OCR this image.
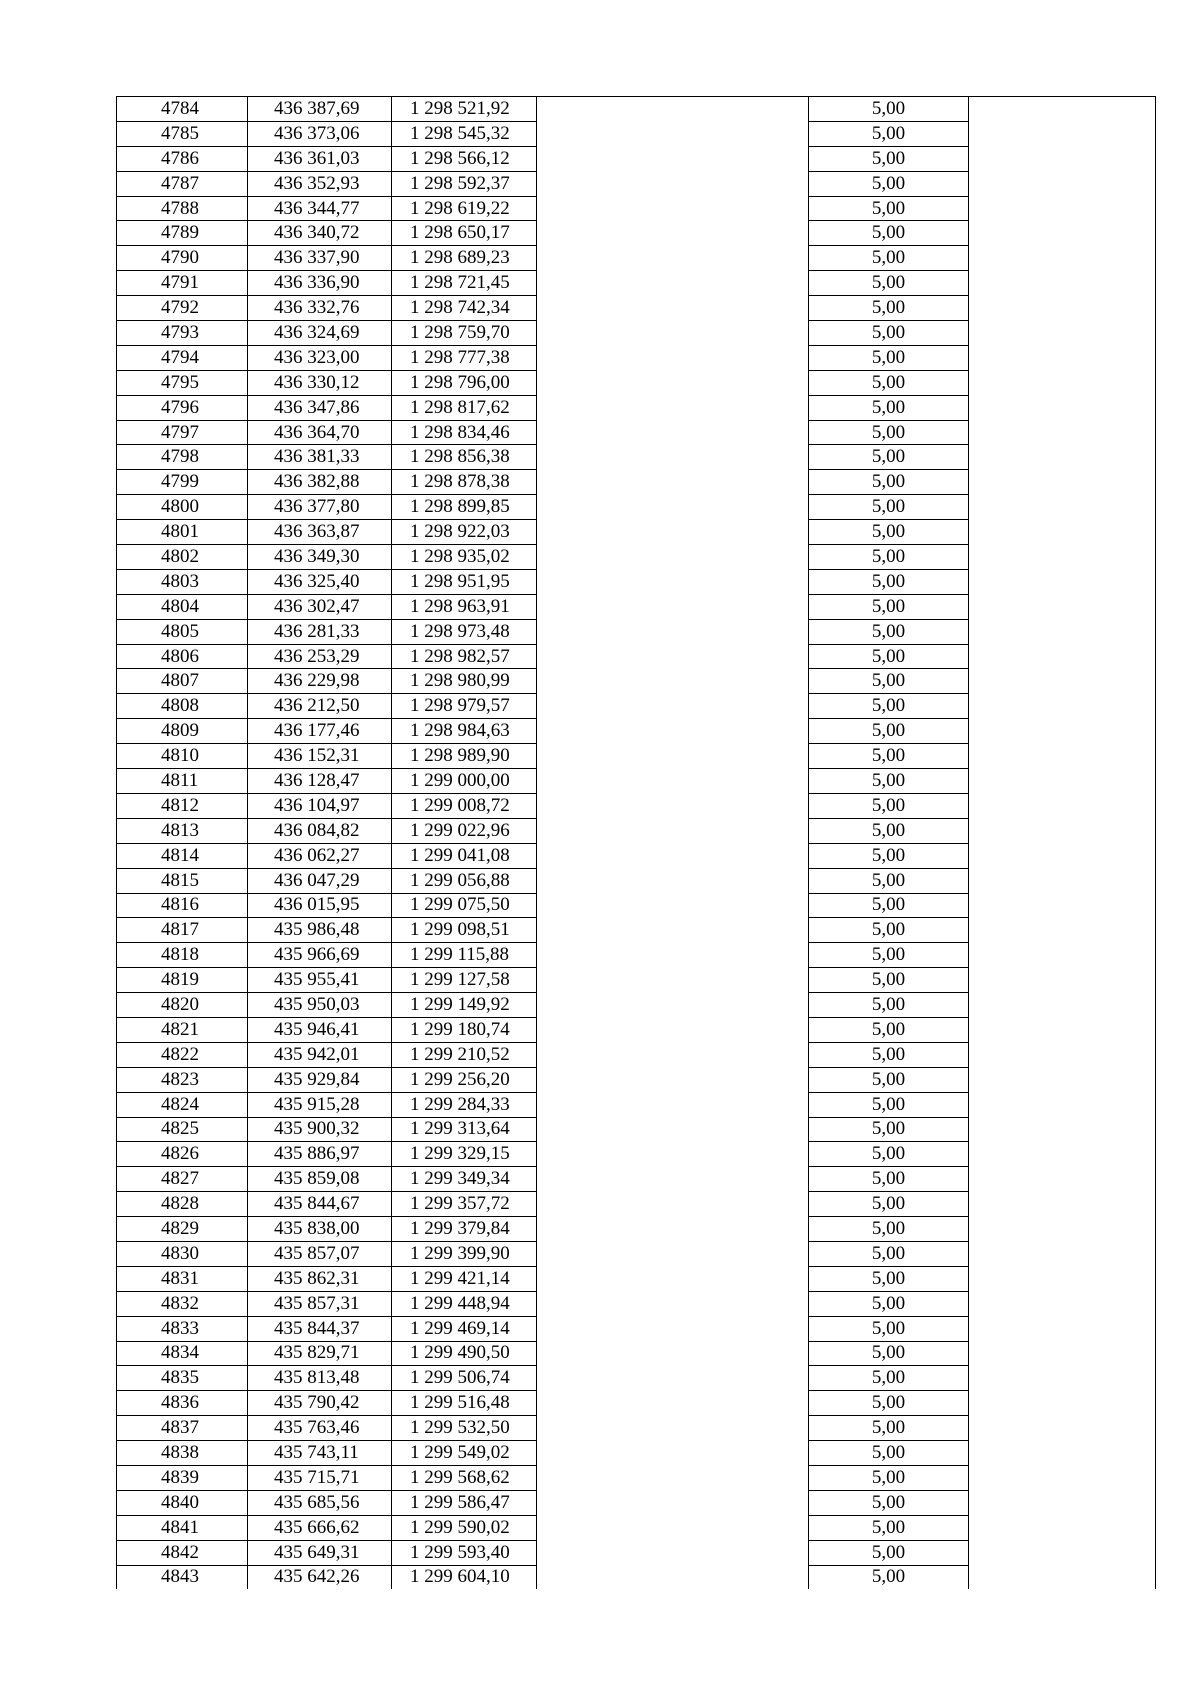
4784	436 387,69	1 298 521,92		5,00	
4785	436 373,06	1 298 545,32		5,00	
4786	436 361,03	1 298 566,12		5,00	
4787	436 352,93	1 298 592,37		5,00	
4788	436 344,77	1 298 619,22		5,00	
4789	436 340,72	1 298 650,17		5,00	
4790	436 337,90	1 298 689,23		5,00	
4791	436 336,90	1 298 721,45		5,00	
4792	436 332,76	1 298 742,34		5,00	
4793	436 324,69	1 298 759,70		5,00	
4794	436 323,00	1 298 777,38		5,00	
4795	436 330,12	1 298 796,00		5,00	
4796	436 347,86	1 298 817,62		5,00	
4797	436 364,70	1 298 834,46		5,00	
4798	436 381,33	1 298 856,38		5,00	
4799	436 382,88	1 298 878,38		5,00	
4800	436 377,80	1 298 899,85		5,00	
4801	436 363,87	1 298 922,03		5,00	
4802	436 349,30	1 298 935,02		5,00	
4803	436 325,40	1 298 951,95		5,00	
4804	436 302,47	1 298 963,91		5,00	
4805	436 281,33	1 298 973,48		5,00	
4806	436 253,29	1 298 982,57		5,00	
4807	436 229,98	1 298 980,99		5,00	
4808	436 212,50	1 298 979,57		5,00	
4809	436 177,46	1 298 984,63		5,00	
4810	436 152,31	1 298 989,90		5,00	
4811	436 128,47	1 299 000,00		5,00	
4812	436 104,97	1 299 008,72		5,00	
4813	436 084,82	1 299 022,96		5,00	
4814	436 062,27	1 299 041,08		5,00	
4815	436 047,29	1 299 056,88		5,00	
4816	436 015,95	1 299 075,50		5,00	
4817	435 986,48	1 299 098,51		5,00	
4818	435 966,69	1 299 115,88		5,00	
4819	435 955,41	1 299 127,58		5,00	
4820	435 950,03	1 299 149,92		5,00	
4821	435 946,41	1 299 180,74		5,00	
4822	435 942,01	1 299 210,52		5,00	
4823	435 929,84	1 299 256,20		5,00	
4824	435 915,28	1 299 284,33		5,00	
4825	435 900,32	1 299 313,64		5,00	
4826	435 886,97	1 299 329,15		5,00	
4827	435 859,08	1 299 349,34		5,00	
4828	435 844,67	1 299 357,72		5,00	
4829	435 838,00	1 299 379,84		5,00	
4830	435 857,07	1 299 399,90		5,00	
4831	435 862,31	1 299 421,14		5,00	
4832	435 857,31	1 299 448,94		5,00	
4833	435 844,37	1 299 469,14		5,00	
4834	435 829,71	1 299 490,50		5,00	
4835	435 813,48	1 299 506,74		5,00	
4836	435 790,42	1 299 516,48		5,00	
4837	435 763,46	1 299 532,50		5,00	
4838	435 743,11	1 299 549,02		5,00	
4839	435 715,71	1 299 568,62		5,00	
4840	435 685,56	1 299 586,47		5,00	
4841	435 666,62	1 299 590,02		5,00	
4842	435 649,31	1 299 593,40		5,00	
4843	435 642,26	1 299 604,10		5,00	
